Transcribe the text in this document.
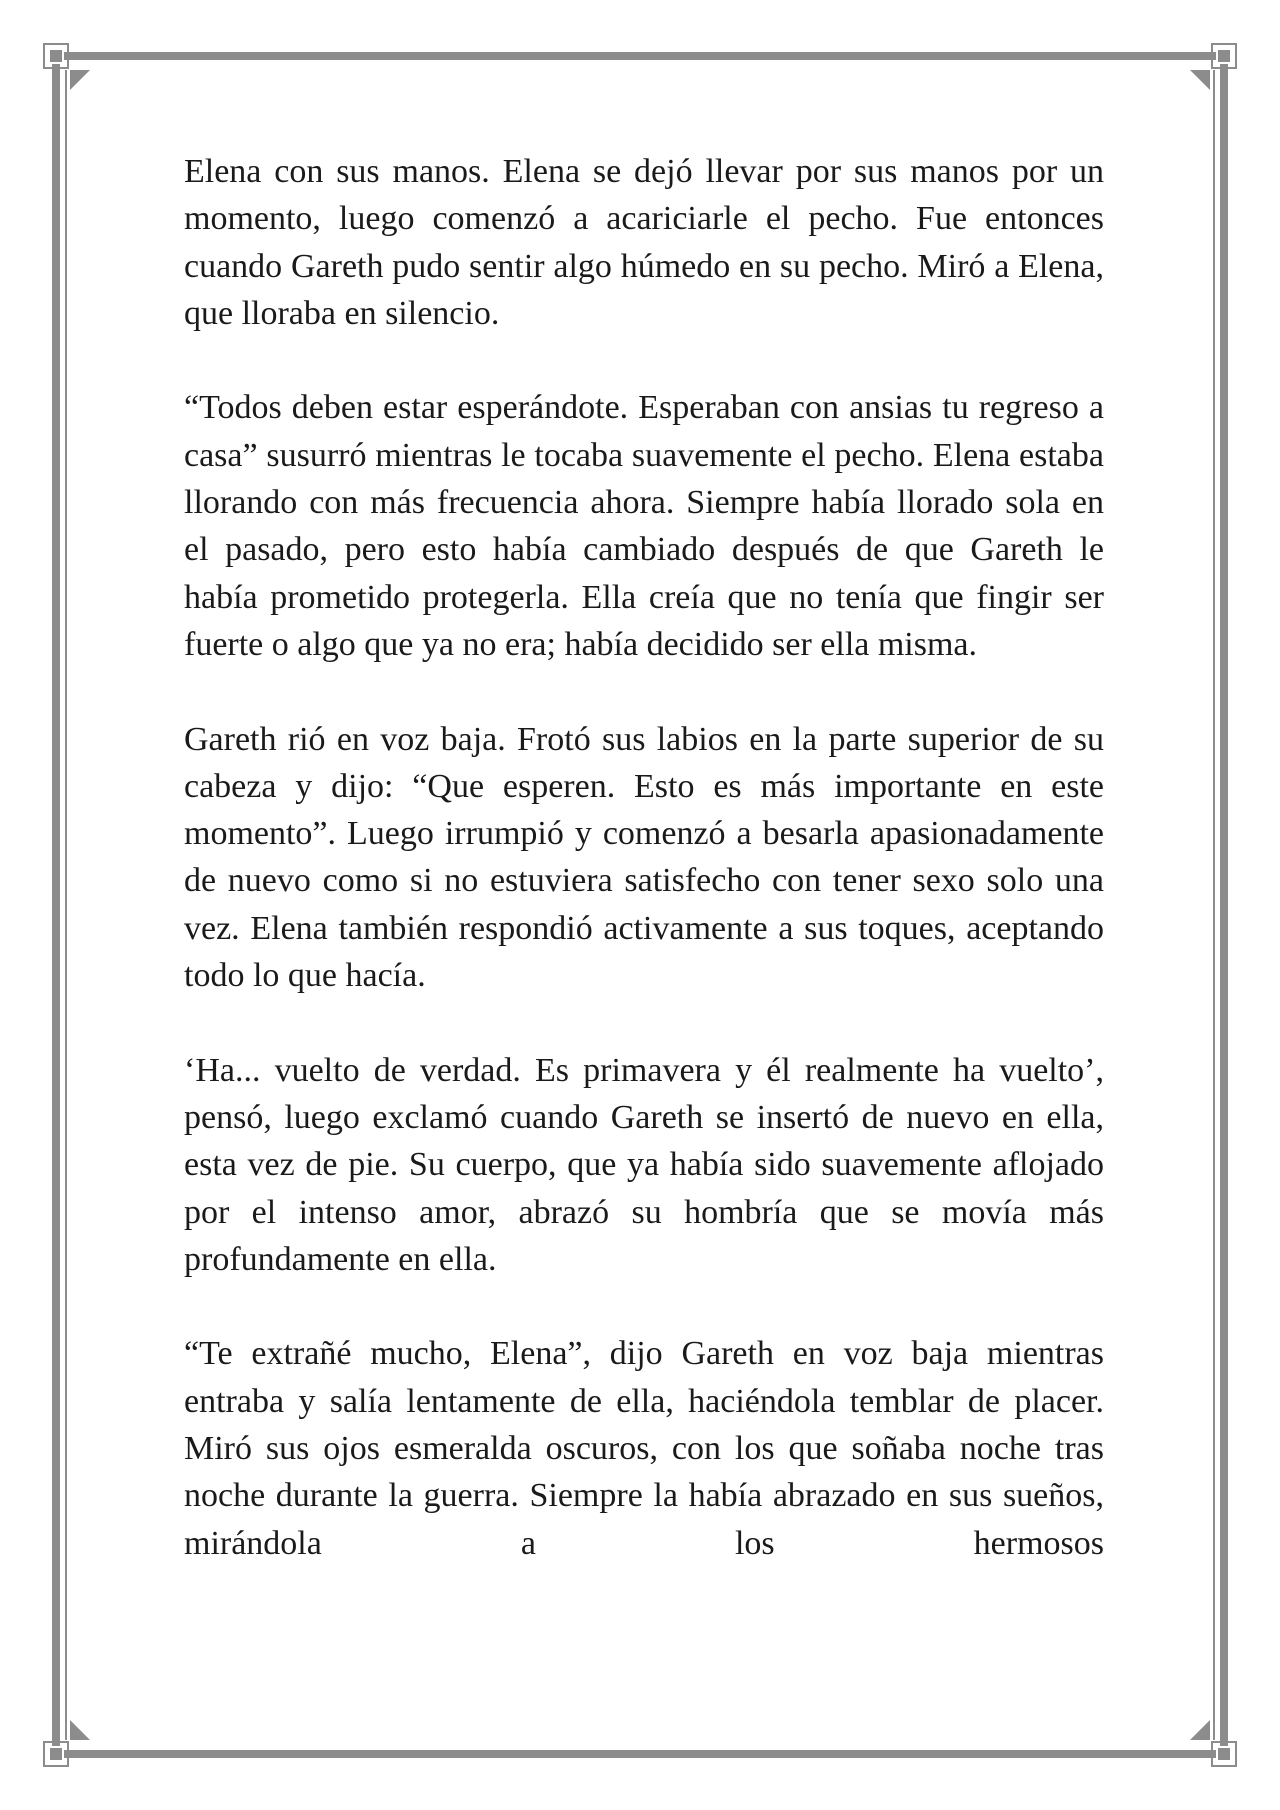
Elena con sus manos. Elena se dejó llevar por sus manos por un momento, luego comenzó a acariciarle el pecho. Fue entonces cuando Gareth pudo sentir algo húmedo en su pecho. Miró a Elena, que lloraba en silencio.

“Todos deben estar esperándote. Esperaban con ansias tu regreso a casa” susurró mientras le tocaba suavemente el pecho. Elena estaba llorando con más frecuencia ahora. Siempre había llorado sola en el pasado, pero esto había cambiado después de que Gareth le había prometido protegerla. Ella creía que no tenía que fingir ser fuerte o algo que ya no era; había decidido ser ella misma.

Gareth rió en voz baja. Frotó sus labios en la parte superior de su cabeza y dijo: “Que esperen. Esto es más importante en este momento”. Luego irrumpió y comenzó a besarla apasionadamente de nuevo como si no estuviera satisfecho con tener sexo solo una vez. Elena también respondió activamente a sus toques, aceptando todo lo que hacía.

‘Ha... vuelto de verdad. Es primavera y él realmente ha vuelto’, pensó, luego exclamó cuando Gareth se insertó de nuevo en ella, esta vez de pie. Su cuerpo, que ya había sido suavemente aflojado por el intenso amor, abrazó su hombría que se movía más profundamente en ella.

“Te extrañé mucho, Elena”, dijo Gareth en voz baja mientras entraba y salía lentamente de ella, haciéndola temblar de placer. Miró sus ojos esmeralda oscuros, con los que soñaba noche tras noche durante la guerra. Siempre la había abrazado en sus sueños, mirándola a los hermosos
